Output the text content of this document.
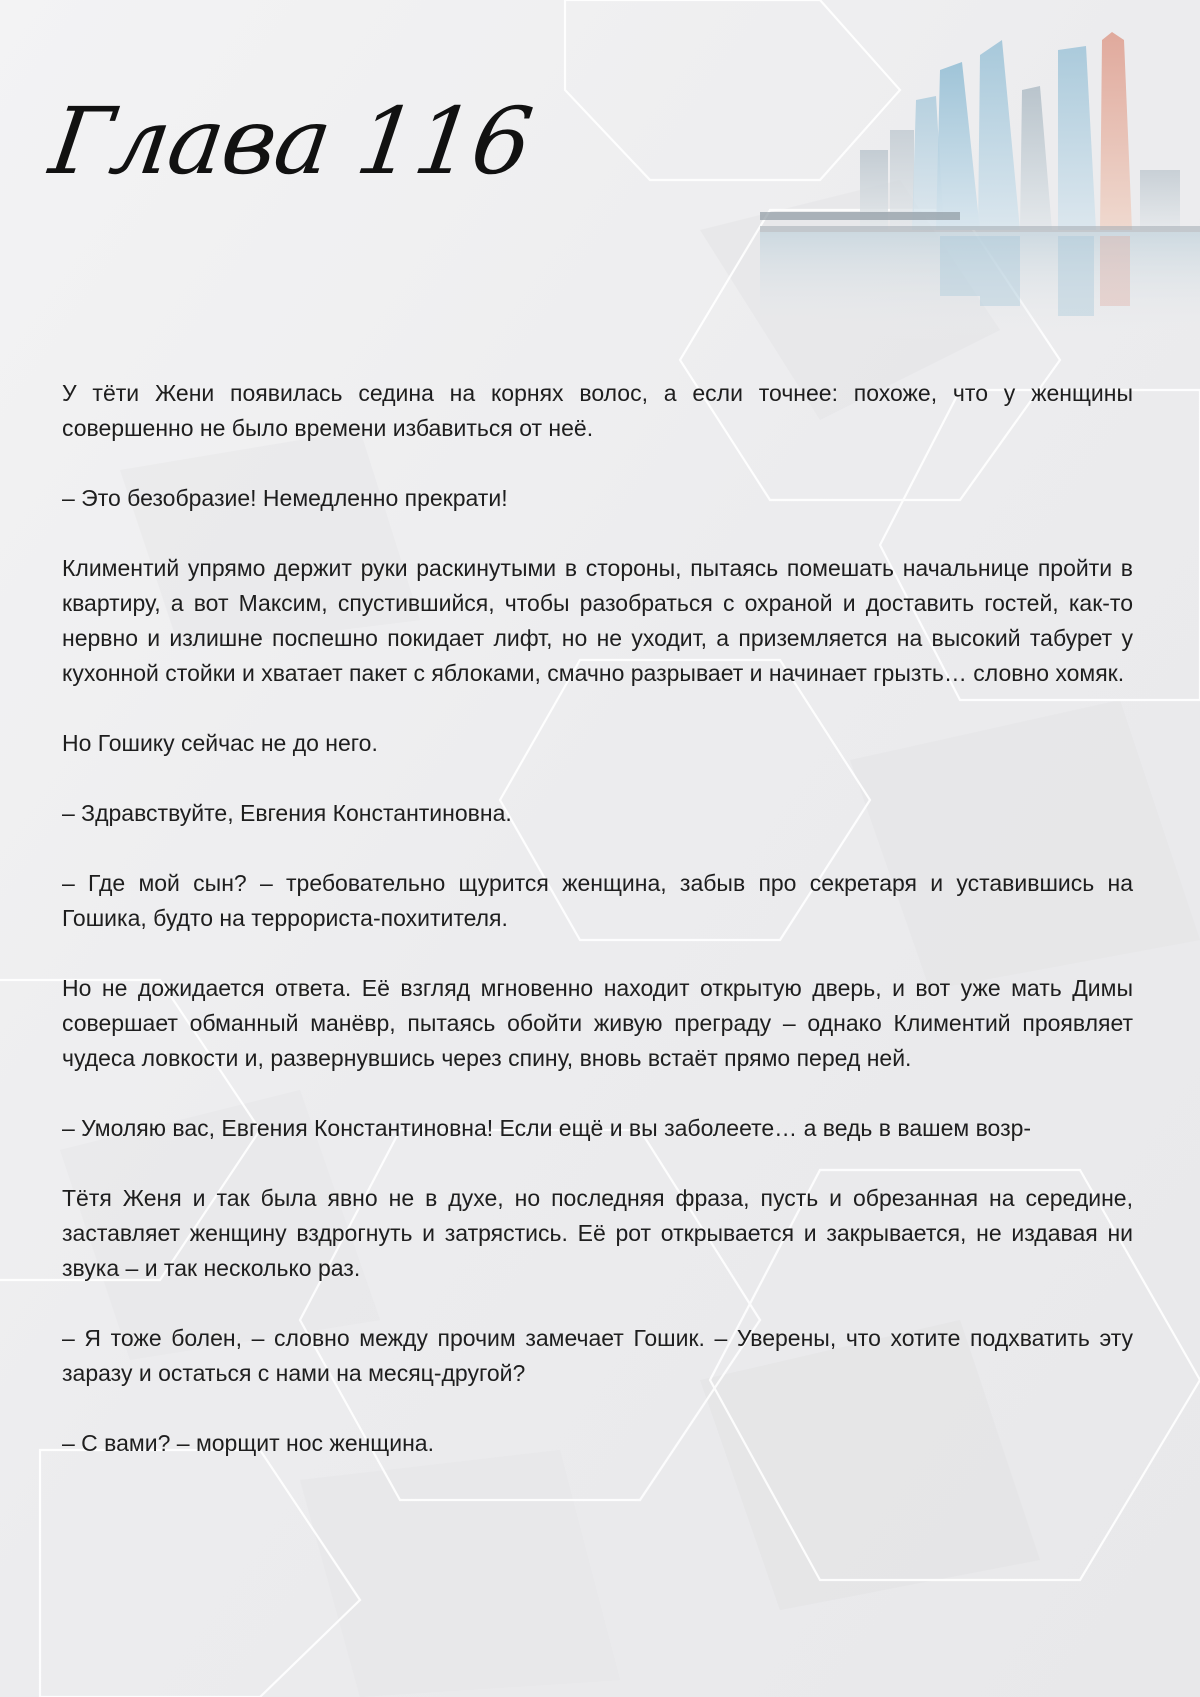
Глава 116

У тёти Жени появилась седина на корнях волос, а если точнее: похоже, что у женщины совершенно не было времени избавиться от неё.

– Это безобразие! Немедленно прекрати!

Климентий упрямо держит руки раскинутыми в стороны, пытаясь помешать начальнице пройти в квартиру, а вот Максим, спустившийся, чтобы разобраться с охраной и доставить гостей, как-то нервно и излишне поспешно покидает лифт, но не уходит, а приземляется на высокий табурет у кухонной стойки и хватает пакет с яблоками, смачно разрывает и начинает грызть… словно хомяк.

Но Гошику сейчас не до него.

– Здравствуйте, Евгения Константиновна.

– Где мой сын? – требовательно щурится женщина, забыв про секретаря и уставившись на Гошика, будто на террориста-похитителя.

Но не дожидается ответа. Её взгляд мгновенно находит открытую дверь, и вот уже мать Димы совершает обманный манёвр, пытаясь обойти живую преграду – однако Климентий проявляет чудеса ловкости и, развернувшись через спину, вновь встаёт прямо перед ней.

– Умоляю вас, Евгения Константиновна! Если ещё и вы заболеете… а ведь в вашем возр-

Тётя Женя и так была явно не в духе, но последняя фраза, пусть и обрезанная на середине, заставляет женщину вздрогнуть и затрястись. Её рот открывается и закрывается, не издавая ни звука – и так несколько раз.

– Я тоже болен, – словно между прочим замечает Гошик. – Уверены, что хотите подхватить эту заразу и остаться с нами на месяц-другой?

– С вами? – морщит нос женщина.
